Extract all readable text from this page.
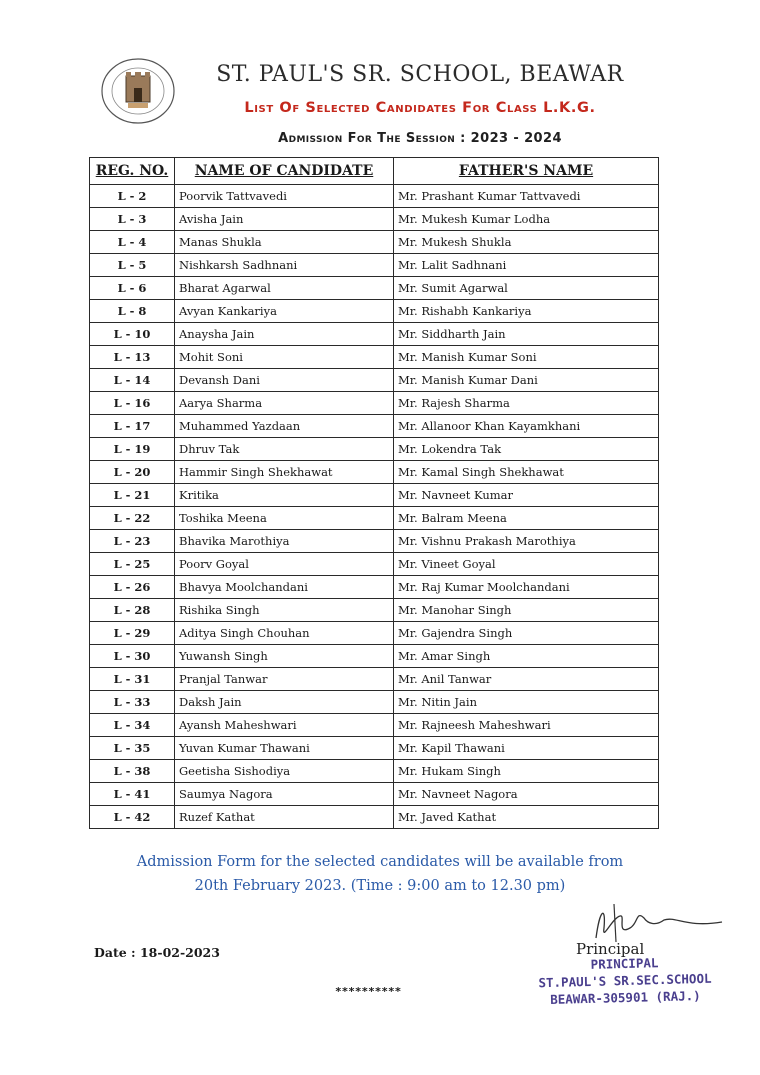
ST. PAUL'S SR. SCHOOL, BEAWAR
List Of Selected Candidates For Class L.K.G.
Admission For The Session : 2023 - 2024
REG. NO.	NAME OF CANDIDATE	FATHER'S NAME
L - 2	Poorvik Tattvavedi	Mr. Prashant Kumar Tattvavedi
L - 3	Avisha Jain	Mr. Mukesh Kumar Lodha
L - 4	Manas Shukla	Mr. Mukesh Shukla
L - 5	Nishkarsh Sadhnani	Mr. Lalit Sadhnani
L - 6	Bharat Agarwal	Mr. Sumit Agarwal
L - 8	Avyan Kankariya	Mr. Rishabh Kankariya
L - 10	Anaysha Jain	Mr. Siddharth Jain
L - 13	Mohit Soni	Mr. Manish Kumar Soni
L - 14	Devansh Dani	Mr. Manish Kumar Dani
L - 16	Aarya Sharma	Mr. Rajesh Sharma
L - 17	Muhammed Yazdaan	Mr. Allanoor Khan Kayamkhani
L - 19	Dhruv Tak	Mr. Lokendra Tak
L - 20	Hammir Singh Shekhawat	Mr. Kamal Singh Shekhawat
L - 21	Kritika	Mr. Navneet Kumar
L - 22	Toshika Meena	Mr. Balram Meena
L - 23	Bhavika Marothiya	Mr. Vishnu Prakash Marothiya
L - 25	Poorv Goyal	Mr. Vineet Goyal
L - 26	Bhavya Moolchandani	Mr. Raj Kumar Moolchandani
L - 28	Rishika Singh	Mr. Manohar Singh
L - 29	Aditya Singh Chouhan	Mr. Gajendra Singh
L - 30	Yuwansh Singh	Mr. Amar Singh
L - 31	Pranjal Tanwar	Mr. Anil Tanwar
L - 33	Daksh Jain	Mr. Nitin Jain
L - 34	Ayansh Maheshwari	Mr. Rajneesh Maheshwari
L - 35	Yuvan Kumar Thawani	Mr. Kapil Thawani
L - 38	Geetisha Sishodiya	Mr. Hukam Singh
L - 41	Saumya Nagora	Mr. Navneet Nagora
L - 42	Ruzef Kathat	Mr. Javed Kathat
Admission Form for the selected candidates will be available from
20th February 2023. (Time : 9:00 am to 12.30 pm)
Date : 18-02-2023
**********
Principal
PRINCIPAL
ST.PAUL'S SR.SEC.SCHOOL
BEAWAR-305901 (RAJ.)
